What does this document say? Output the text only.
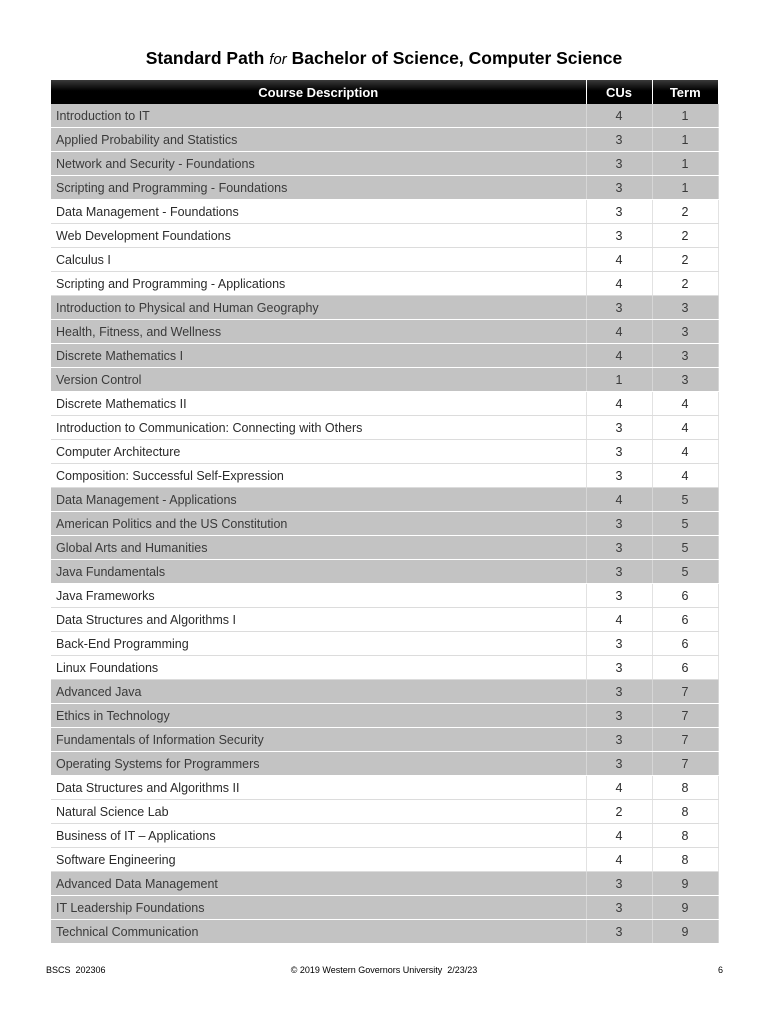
Standard Path for Bachelor of Science, Computer Science
Course Description	CUs	Term
Introduction to IT	4	1
Applied Probability and Statistics	3	1
Network and Security - Foundations	3	1
Scripting and Programming - Foundations	3	1
Data Management - Foundations	3	2
Web Development Foundations	3	2
Calculus I	4	2
Scripting and Programming - Applications	4	2
Introduction to Physical and Human Geography	3	3
Health, Fitness, and Wellness	4	3
Discrete Mathematics I	4	3
Version Control	1	3
Discrete Mathematics II	4	4
Introduction to Communication: Connecting with Others	3	4
Computer Architecture	3	4
Composition: Successful Self-Expression	3	4
Data Management - Applications	4	5
American Politics and the US Constitution	3	5
Global Arts and Humanities	3	5
Java Fundamentals	3	5
Java Frameworks	3	6
Data Structures and Algorithms I	4	6
Back-End Programming	3	6
Linux Foundations	3	6
Advanced Java	3	7
Ethics in Technology	3	7
Fundamentals of Information Security	3	7
Operating Systems for Programmers	3	7
Data Structures and Algorithms II	4	8
Natural Science Lab	2	8
Business of IT – Applications	4	8
Software Engineering	4	8
Advanced Data Management	3	9
IT Leadership Foundations	3	9
Technical Communication	3	9
BSCS  202306	© 2019 Western Governors University  2/23/23	6
